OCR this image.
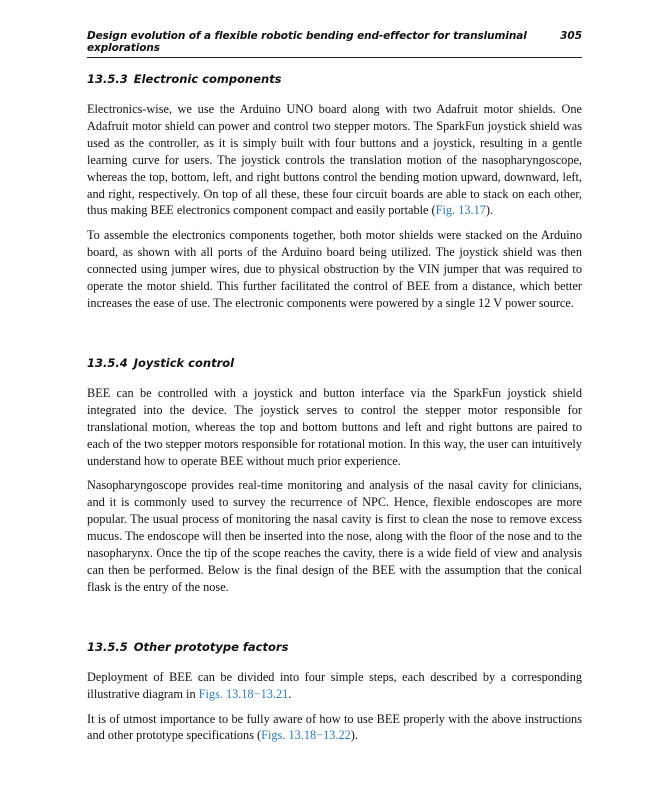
Design evolution of a flexible robotic bending end-effector for transluminal explorations
305
13.5.3 Electronic components

Electronics-wise, we use the Arduino UNO board along with two Adafruit motor shields. One Adafruit motor shield can power and control two stepper motors. The SparkFun joystick shield was used as the controller, as it is simply built with four buttons and a joystick, resulting in a gentle learning curve for users. The joystick controls the translation motion of the nasopharyngoscope, whereas the top, bottom, left, and right buttons control the bending motion upward, downward, left, and right, respectively. On top of all these, these four circuit boards are able to stack on each other, thus making BEE electronics component compact and easily portable (Fig. 13.17).

To assemble the electronics components together, both motor shields were stacked on the Arduino board, as shown with all ports of the Arduino board being utilized. The joystick shield was then connected using jumper wires, due to physical obstruction by the VIN jumper that was required to operate the motor shield. This further facilitated the control of BEE from a distance, which better increases the ease of use. The electronic components were powered by a single 12 V power source.

13.5.4 Joystick control

BEE can be controlled with a joystick and button interface via the SparkFun joystick shield integrated into the device. The joystick serves to control the stepper motor responsible for translational motion, whereas the top and bottom buttons and left and right buttons are paired to each of the two stepper motors responsible for rotational motion. In this way, the user can intuitively understand how to operate BEE without much prior experience.

Nasopharyngoscope provides real-time monitoring and analysis of the nasal cavity for clinicians, and it is commonly used to survey the recurrence of NPC. Hence, flexible endoscopes are more popular. The usual process of monitoring the nasal cavity is first to clean the nose to remove excess mucus. The endoscope will then be inserted into the nose, along with the floor of the nose and to the nasopharynx. Once the tip of the scope reaches the cavity, there is a wide field of view and analysis can then be performed. Below is the final design of the BEE with the assumption that the conical flask is the entry of the nose.

13.5.5 Other prototype factors

Deployment of BEE can be divided into four simple steps, each described by a corresponding illustrative diagram in Figs. 13.18−13.21.

It is of utmost importance to be fully aware of how to use BEE properly with the above instructions and other prototype specifications (Figs. 13.18−13.22).
